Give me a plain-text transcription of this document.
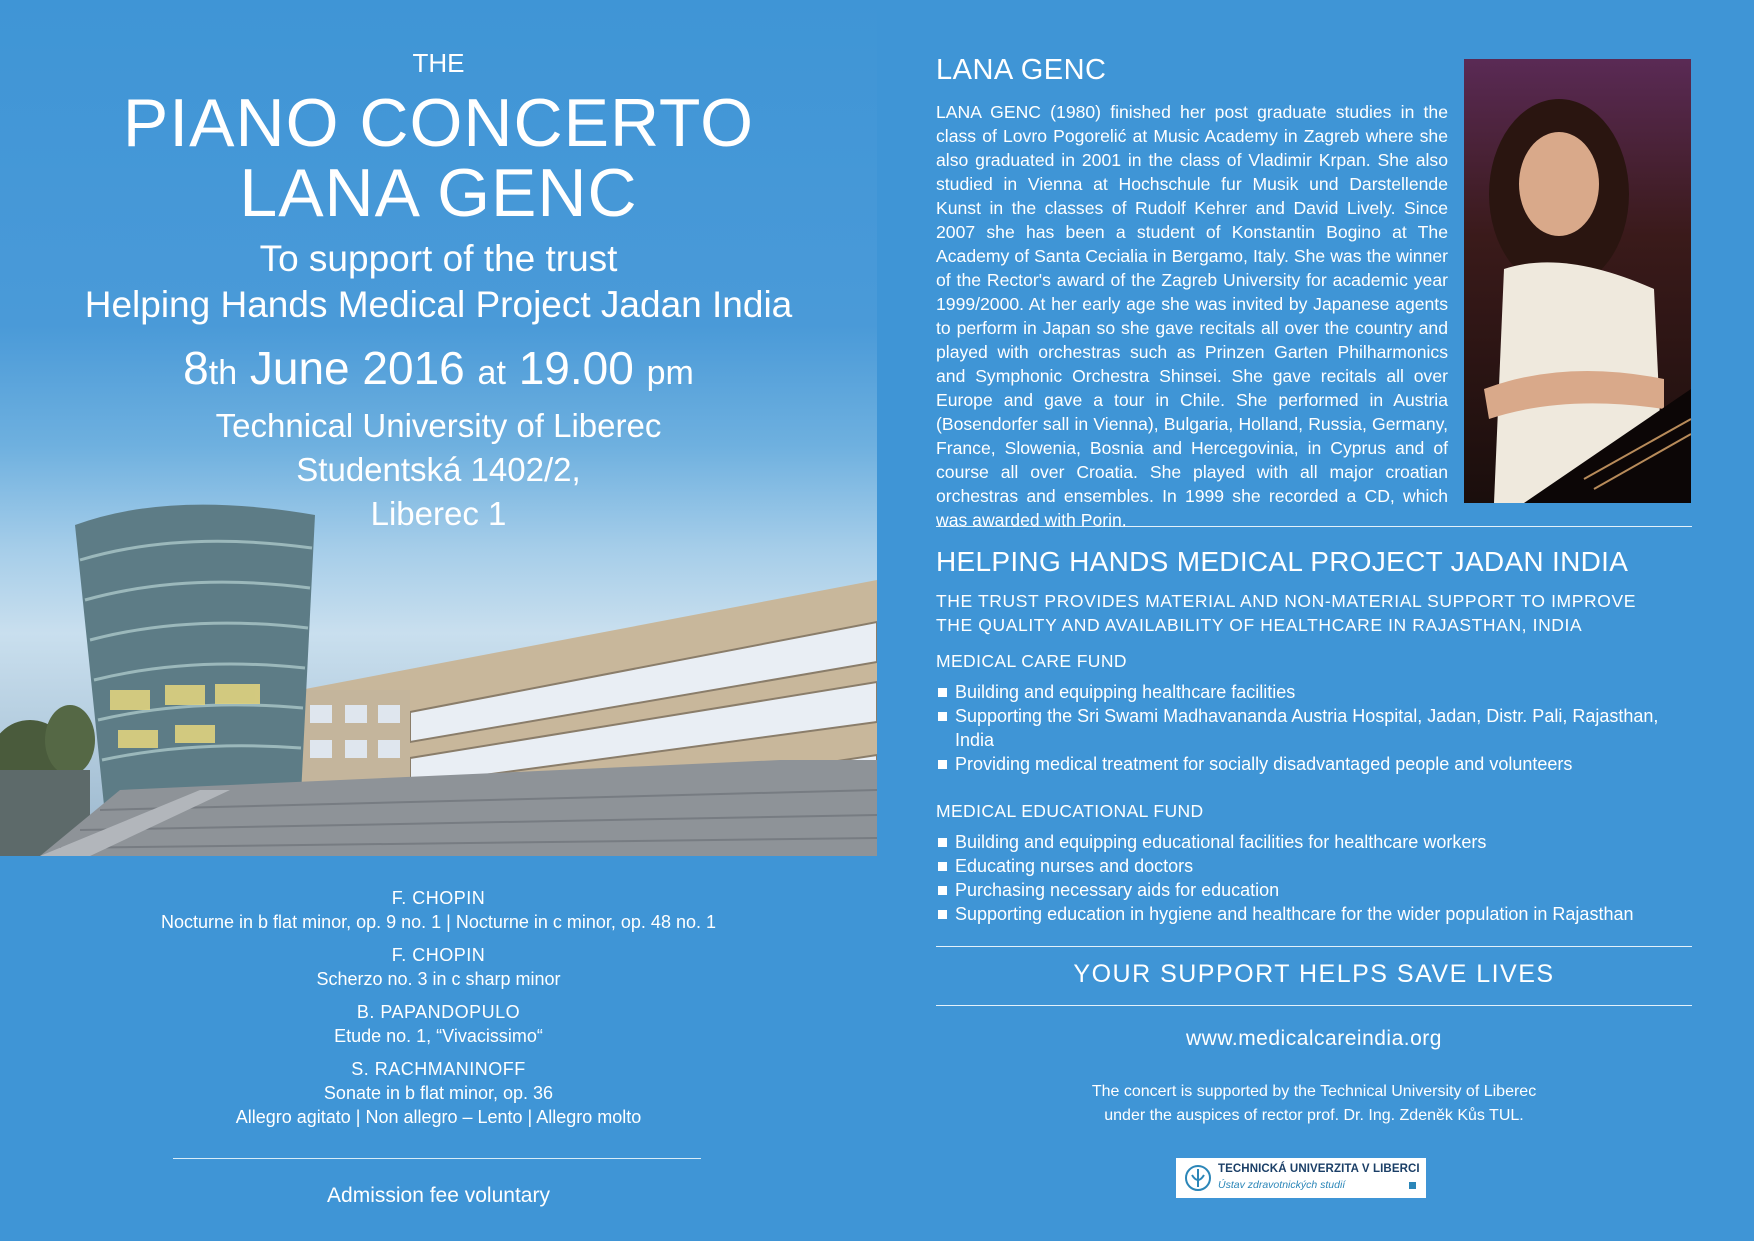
THE
PIANO CONCERTO
LANA GENC
To support of the trust
Helping Hands Medical Project Jadan India
8th June 2016 at 19.00 pm
Technical University of Liberec
Studentská 1402/2,
Liberec 1
F. CHOPIN
Nocturne in b flat minor, op. 9 no. 1 | Nocturne in c minor, op. 48 no. 1
F. CHOPIN
Scherzo no. 3 in c sharp minor
B. PAPANDOPULO
Etude no. 1, “Vivacissimo“
S. RACHMANINOFF
Sonate in b flat minor, op. 36
Allegro agitato | Non allegro – Lento | Allegro molto
Admission fee voluntary
LANA GENC
LANA GENC (1980) finished her post graduate studies in the class of Lovro Pogorelić at Music Academy in Zagreb where she also graduated in 2001 in the class of Vladimir Krpan. She also studied in Vienna at Hochschule fur Musik und Darstellende Kunst in the classes of Rudolf Kehrer and David Lively. Since 2007 she has been a student of Konstantin Bogino at The Academy of Santa Cecialia in Bergamo, Italy. She was the winner of the Rector's award of the Zagreb University for academic year 1999/2000. At her early age she was invited by Japanese agents to perform in Japan so she gave recitals all over the country and played with orchestras such as Prinzen Garten Philharmonics and Symphonic Orchestra Shinsei. She gave recitals all over Europe and gave a tour in Chile. She performed in Austria (Bosendorfer sall in Vienna), Bulgaria, Holland, Russia, Germany, France, Slowenia, Bosnia and Hercegovinia, in Cyprus and of course all over Croatia. She played with all major croatian orchestras and ensembles. In 1999 she recorded a CD, which was awarded with Porin.
HELPING HANDS MEDICAL PROJECT JADAN INDIA
THE TRUST PROVIDES MATERIAL AND NON-MATERIAL SUPPORT TO IMPROVE
THE QUALITY AND AVAILABILITY OF HEALTHCARE IN RAJASTHAN, INDIA
MEDICAL CARE FUND
Building and equipping healthcare facilities
Supporting the Sri Swami Madhavananda Austria Hospital, Jadan, Distr. Pali, Rajasthan, India
Providing medical treatment for socially disadvantaged people and volunteers
MEDICAL EDUCATIONAL FUND
Building and equipping educational facilities for healthcare workers
Educating nurses and doctors
Purchasing necessary aids for education
Supporting education in hygiene and healthcare for the wider population in Rajasthan
YOUR SUPPORT HELPS SAVE LIVES
www.medicalcareindia.org
The concert is supported by the Technical University of Liberec
under the auspices of rector prof. Dr. Ing. Zdeněk Kůs TUL.
TECHNICKÁ UNIVERZITA V LIBERCI
Ústav zdravotnických studií
